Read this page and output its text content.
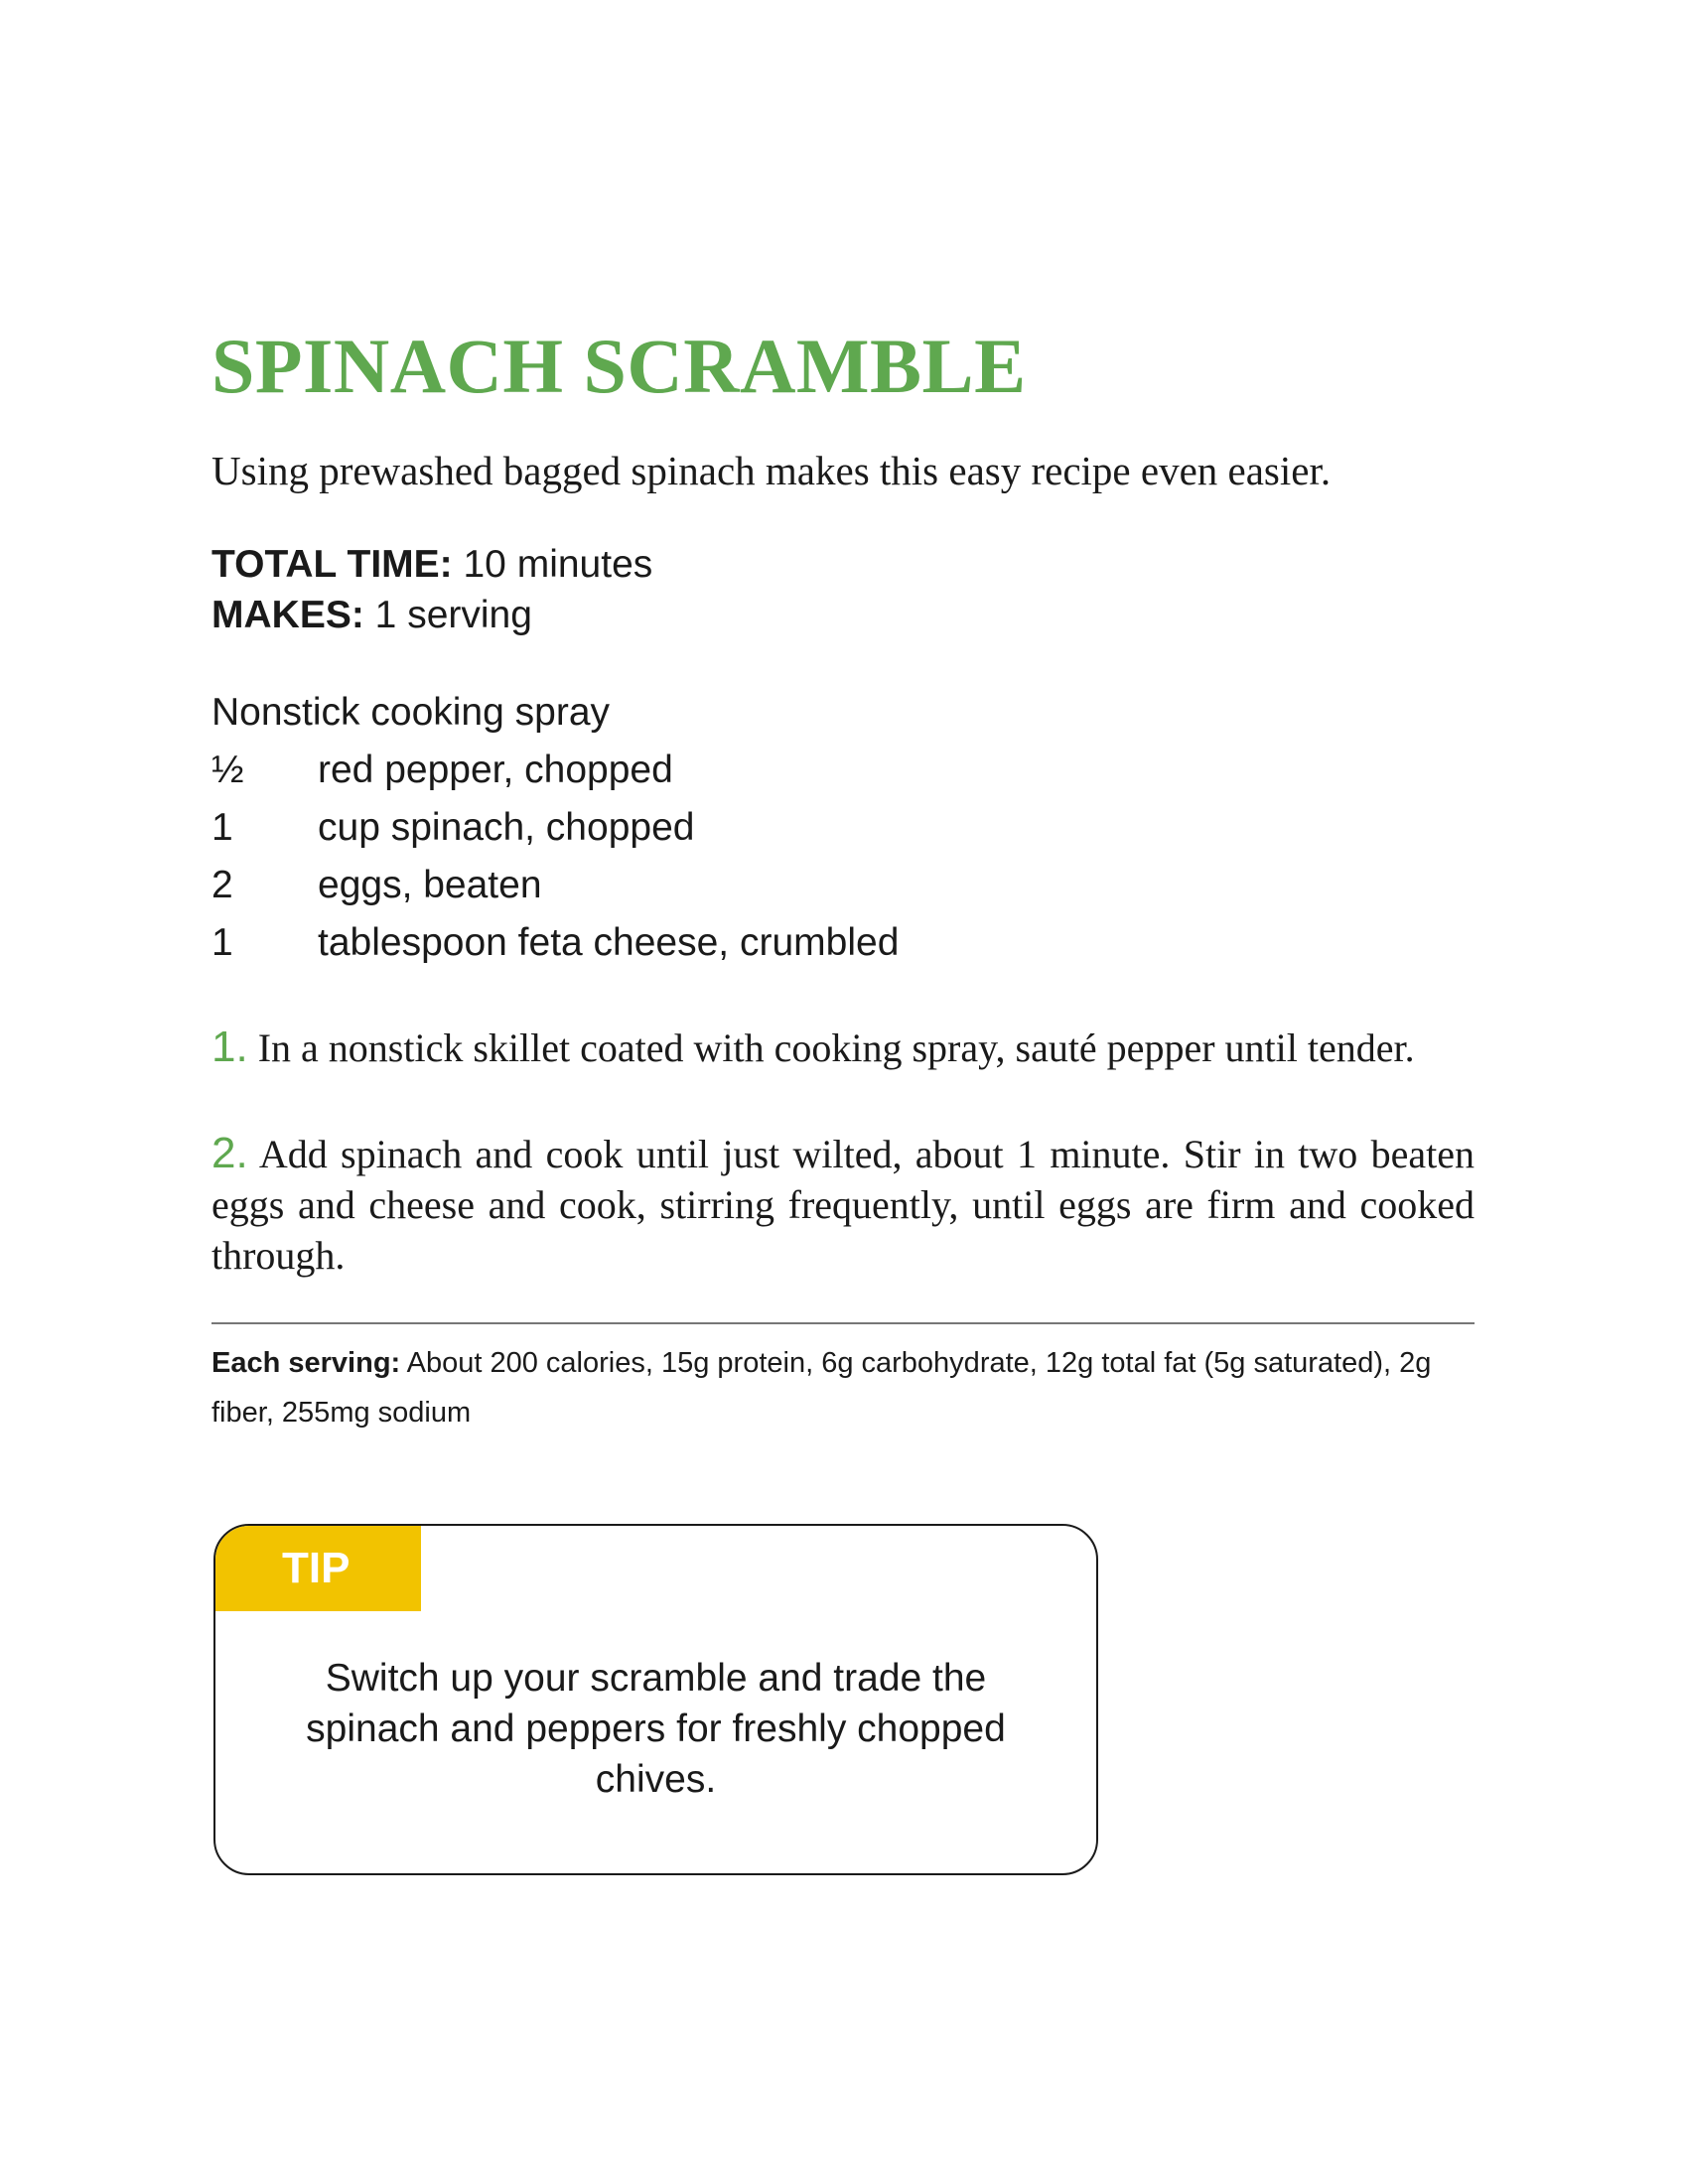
SPINACH SCRAMBLE
Using prewashed bagged spinach makes this easy recipe even easier.
TOTAL TIME: 10 minutes
MAKES: 1 serving
Nonstick cooking spray
½	red pepper, chopped
1	cup spinach, chopped
2	eggs, beaten
1	tablespoon feta cheese, crumbled
1. In a nonstick skillet coated with cooking spray, sauté pepper until tender.
2. Add spinach and cook until just wilted, about 1 minute. Stir in two beaten eggs and cheese and cook, stirring frequently, until eggs are firm and cooked through.
Each serving: About 200 calories, 15g protein, 6g carbohydrate, 12g total fat (5g saturated), 2g fiber, 255mg sodium
TIP
Switch up your scramble and trade the spinach and peppers for freshly chopped chives.
